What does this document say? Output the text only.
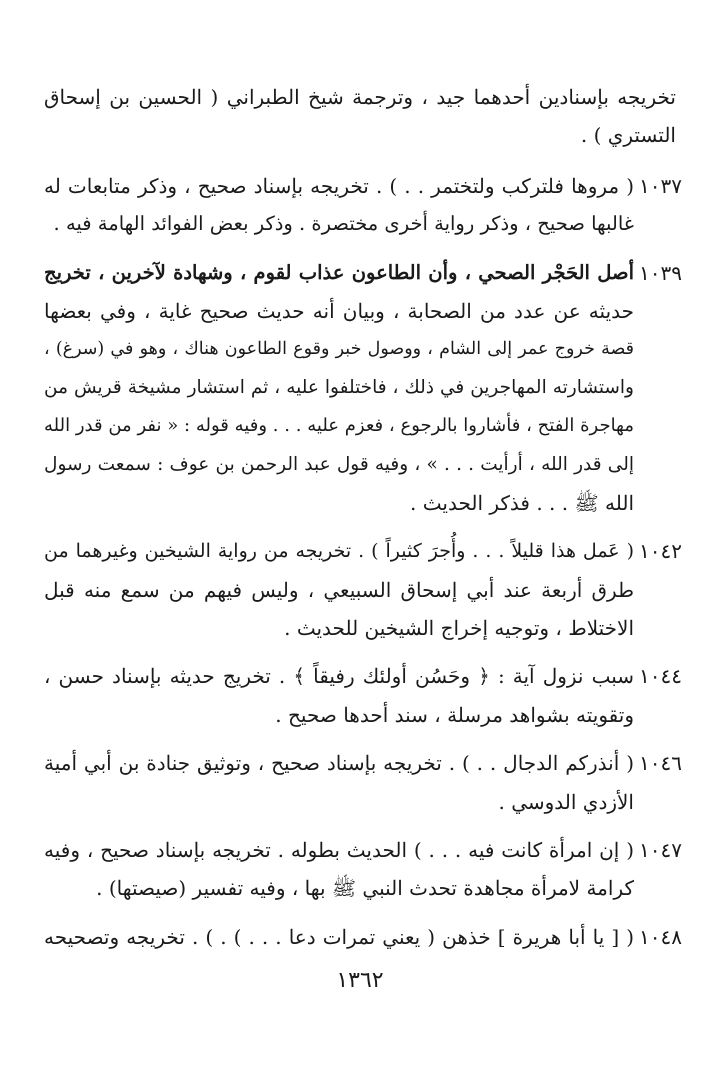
تخريجه بإسنادين أحدهما جيد ، وترجمة شيخ الطبراني ( الحسين بن إسحاق
التستري ) .
١٠٣٧
( مروها فلتركب ولتختمر . . ) . تخريجه بإسناد صحيح ، وذكر متابعات له
غالبها صحيح ، وذكر رواية أخرى مختصرة . وذكر بعض الفوائد الهامة فيه .
١٠٣٩
أصل الحَجْر الصحي ، وأن الطاعون عذاب لقوم ، وشهادة لآخرين ، تخريج
حديثه عن عدد من الصحابة ، وبيان أنه حديث صحيح غاية ، وفي بعضها
قصة خروج عمر إلى الشام ، ووصول خبر وقوع الطاعون هناك ، وهو في (سرغ) ،
واستشارته المهاجرين في ذلك ، فاختلفوا عليه ، ثم استشار مشيخة قريش من
مهاجرة الفتح ، فأشاروا بالرجوع ، فعزم عليه . . . وفيه قوله : « نفر من قدر الله
إلى قدر الله ، أرأيت . . . » ، وفيه قول عبد الرحمن بن عوف : سمعت رسول
الله ﷺ . . . فذكر الحديث .
١٠٤٢
( عَمل هذا قليلاً . . . وأُجرَ كثيراً ) . تخريجه من رواية الشيخين وغيرهما من
طرق أربعة عند أبي إسحاق السبيعي ، وليس فيهم من سمع منه قبل
الاختلاط ، وتوجيه إخراج الشيخين للحديث .
١٠٤٤
سبب نزول آية : ﴿ وحَسُن أولئك رفيقاً ﴾ . تخريج حديثه بإسناد حسن ،
وتقويته بشواهد مرسلة ، سند أحدها صحيح .
١٠٤٦
( أنذركم الدجال . . ) . تخريجه بإسناد صحيح ، وتوثيق جنادة بن أبي أمية
الأزدي الدوسي .
١٠٤٧
( إن امرأة كانت فيه . . . ) الحديث بطوله . تخريجه بإسناد صحيح ، وفيه
كرامة لامرأة مجاهدة تحدث النبي ﷺ بها ، وفيه تفسير (صيصتها) .
١٠٤٨
( [ يا أبا هريرة ] خذهن ( يعني تمرات دعا . . . ) . ) . تخريجه وتصحيحه
١٣٦٢
